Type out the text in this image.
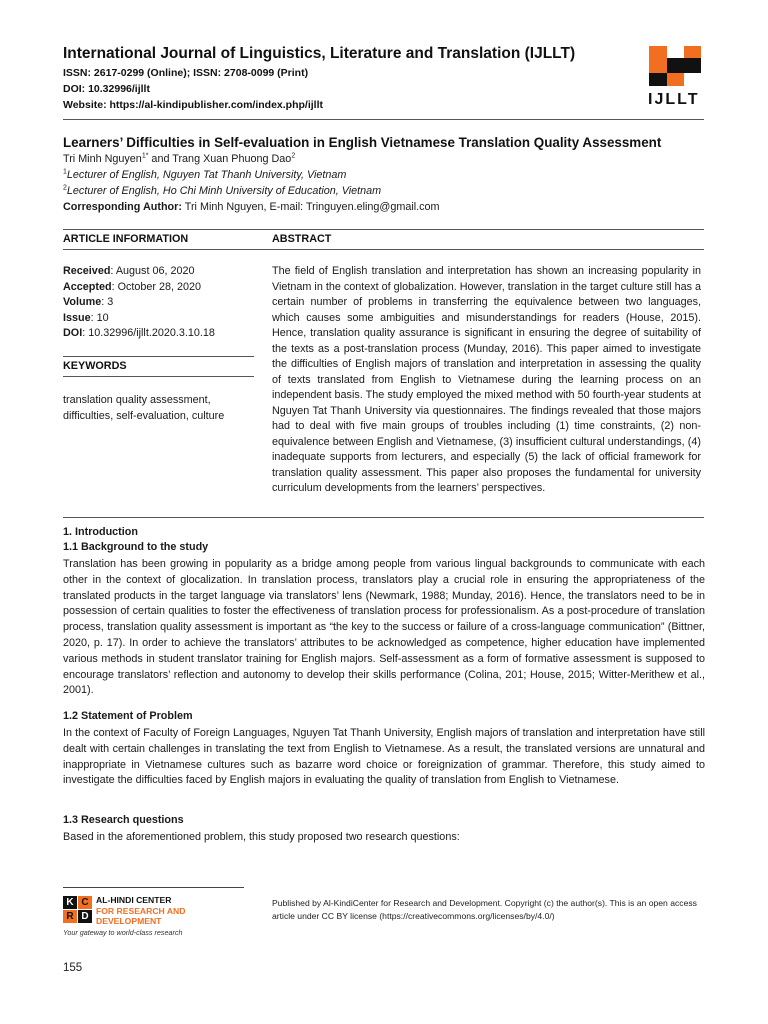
International Journal of Linguistics, Literature and Translation (IJLLT)
ISSN: 2617-0299 (Online); ISSN: 2708-0099 (Print)
DOI: 10.32996/ijllt
Website: https://al-kindipublisher.com/index.php/ijllt	IJLLT
Learners’ Difficulties in Self-evaluation in English Vietnamese Translation Quality Assessment
Tri Minh Nguyen$^{1*}$ and Trang Xuan Phuong Dao$^2$
$^1$Lecturer of English, Nguyen Tat Thanh University, Vietnam
$^2$Lecturer of English, Ho Chi Minh University of Education, Vietnam
Corresponding Author: Tri Minh Nguyen, E-mail: Tringuyen.eling@gmail.com
ARTICLE INFORMATION	ABSTRACT
Received: August 06, 2020
Accepted: October 28, 2020
Volume: 3
Issue: 10
DOI: 10.32996/ijllt.2020.3.10.18
KEYWORDS
translation quality assessment, difficulties, self-evaluation, culture
The field of English translation and interpretation has shown an increasing popularity in Vietnam in the context of globalization. However, translation in the target culture still has a certain number of problems in transferring the equivalence between two languages, which causes some ambiguities and misunderstandings for readers (House, 2015). Hence, translation quality assurance is significant in ensuring the degree of suitability of the texts as a post-translation process (Munday, 2016). This paper aimed to investigate the difficulties of English majors of translation and interpretation in assessing the quality of texts translated from English to Vietnamese during the learning process on an independent basis. The study employed the mixed method with 50 fourth-year students at Nguyen Tat Thanh University via questionnaires. The findings revealed that those majors had to deal with five main groups of troubles including (1) time constraints, (2) non-equivalence between English and Vietnamese, (3) insufficient cultural understandings, (4) inadequate supports from lecturers, and especially (5) the lack of official framework for translation quality assessment. This paper also proposes the fundamental for university curriculum developments from the learners’ perspectives.
1. Introduction
1.1 Background to the study
Translation has been growing in popularity as a bridge among people from various lingual backgrounds to communicate with each other in the context of glocalization. In translation process, translators play a crucial role in ensuring the appropriateness of the translated products in the target language via translators’ lens (Newmark, 1988; Munday, 2016). Hence, the translators need to be in possession of certain qualities to foster the effectiveness of translation process for professionalism. As a post-procedure of translation process, translation quality assessment is important as “the key to the success or failure of a cross-language communication” (Bittner, 2020, p. 17). In order to achieve the translators’ attributes to be acknowledged as competence, higher education have implemented various methods in student translator training for English majors. Self-assessment as a form of formative assessment is supposed to encourage translators’ reflection and autonomy to develop their skills performance (Colina, 201; House, 2015; Witter-Merithew et al., 2001).
1.2 Statement of Problem
In the context of Faculty of Foreign Languages, Nguyen Tat Thanh University, English majors of translation and interpretation have still dealt with certain challenges in translating the text from English to Vietnamese. As a result, the translated versions are unnatural and inappropriate in Vietnamese cultures such as bazarre word choice or foreignization of grammar. Therefore, this study aimed to investigate the difficulties faced by English majors in evaluating the quality of translation from English to Vietnamese.
1.3 Research questions
Based in the aforementioned problem, this study proposed two research questions:
K C
R D
AL-HINDI CENTER
FOR RESEARCH AND
DEVELOPMENT
Your gateway to world-class research
Published by Al-KindiCenter for Research and Development. Copyright (c) the author(s). This is an open access article under CC BY license (https://creativecommons.org/licenses/by/4.0/)
155
